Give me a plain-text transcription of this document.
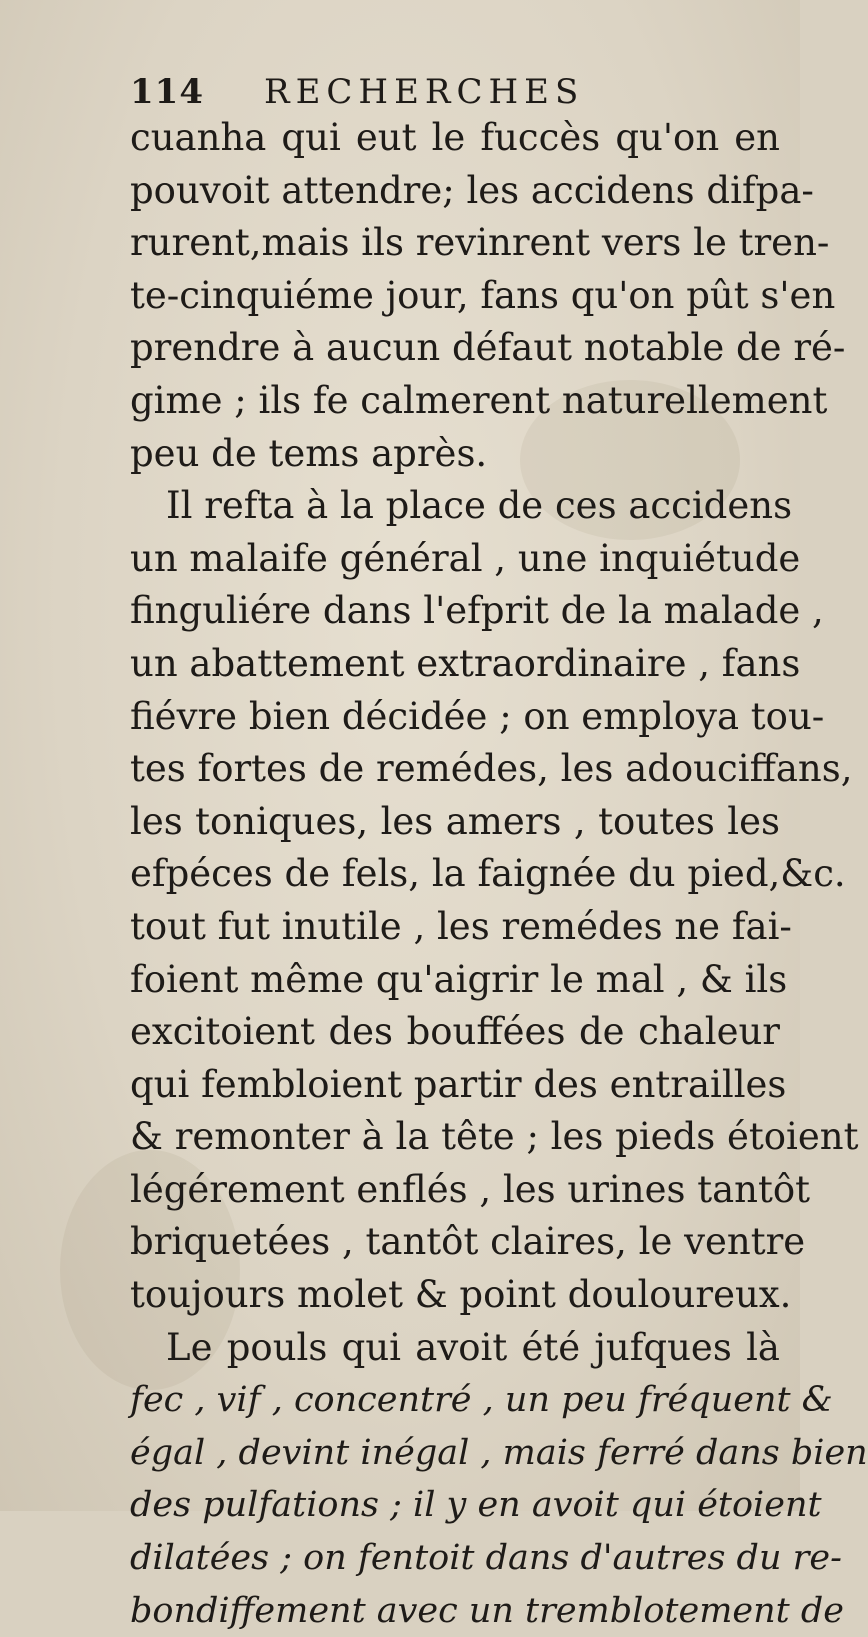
114 RECHERCHES
cuanha qui eut le fuccès qu'on en
pouvoit attendre; les accidens difpa-
rurent,mais ils revinrent vers le tren-
te-cinquiéme jour, fans qu'on pût s'en
prendre à aucun défaut notable de ré-
gime ; ils fe calmerent naturellement
peu de tems après.
Il refta à la place de ces accidens
un malaife général , une inquiétude
finguliére dans l'efprit de la malade ,
un abattement extraordinaire , fans
fiévre bien décidée ; on employa tou-
tes fortes de remédes, les adouciffans,
les toniques, les amers , toutes les
efpéces de fels, la faignée du pied,&c.
tout fut inutile , les remédes ne fai-
foient même qu'aigrir le mal , & ils
excitoient des bouffées de chaleur
qui fembloient partir des entrailles
& remonter à la tête ; les pieds étoient
légérement enflés , les urines tantôt
briquetées , tantôt claires, le ventre
toujours molet & point douloureux.
Le pouls qui avoit été jufques là
fec , vif , concentré , un peu fréquent &
égal , devint inégal , mais ferré dans bien
des pulfations ; il y en avoit qui étoient
dilatées ; on fentoit dans d'autres du re-
bondiffement avec un tremblotement de
